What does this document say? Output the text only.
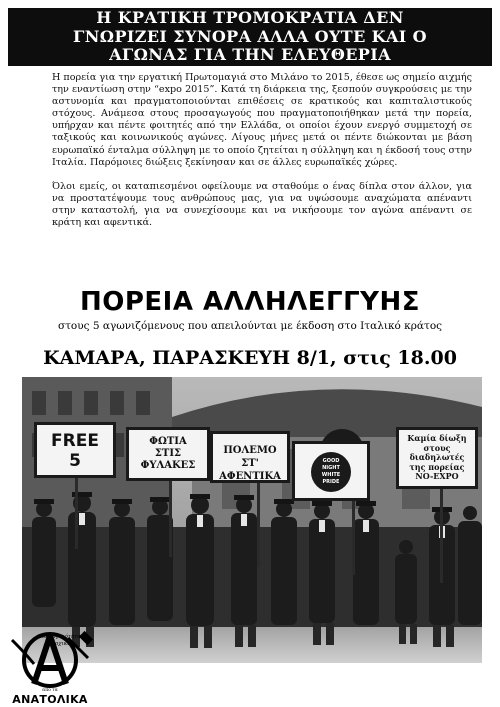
Η ΚΡΑΤΙΚΗ ΤΡΟΜΟΚΡΑΤΙΑ ΔΕΝ
ΓΝΩΡΙΖΕΙ ΣΥΝΟΡΑ ΑΛΛΑ ΟΥΤΕ ΚΑΙ Ο
ΑΓΩΝΑΣ ΓΙΑ ΤΗΝ ΕΛΕΥΘΕΡΙΑ

Η πορεία για την εργατική Πρωτομαγιά στο Μιλάνο το 2015, έθεσε ως σημείο αιχμής την εναντίωση στην “expo 2015”. Κατά τη διάρκεια της, ξεσπούν συγκρούσεις με την αστυνομία και πραγματοποιούνται επιθέσεις σε κρατικούς και καπιταλιστικούς στόχους. Ανάμεσα στους προσαγωγούς που πραγματοποιήθηκαν μετά την πορεία, υπήρχαν και πέντε φοιτητές από την Ελλάδα, οι οποίοι έχουν ενεργό συμμετοχή σε ταξικούς και κοινωνικούς αγώνες. Λίγους μήνες μετά οι πέντε διώκονται με βάση ευρωπαϊκό ένταλμα σύλληψη με το οποίο ζητείται η σύλληψη και η έκδοσή τους στην Ιταλία. Παρόμοιες διώξεις ξεκίνησαν και σε άλλες ευρωπαϊκές χώρες.

Όλοι εμείς, οι καταπιεσμένοι οφείλουμε να σταθούμε ο ένας δίπλα στον άλλον, για να προστατέψουμε τους ανθρώπους μας, για να υψώσουμε αναχώματα απέναντι στην καταστολή, για να συνεχίσουμε και να νικήσουμε τον αγώνα απέναντι σε κράτη και αφεντικά.

ΠΟΡΕΙΑ ΑΛΛΗΛΕΓΓΥΗΣ
στους 5 αγωνιζόμενους που απειλούνται με έκδοση στο Ιταλικό κράτος
ΚΑΜΑΡΑ, ΠΑΡΑΣΚΕΥΗ 8/1, στις 18.00
FREE
5
ΦΩΤΙΑ
ΣΤΙΣ
ΦΥΛΑΚΕΣ
ΠΟΛΕΜΟ
ΣΤ' ΑΦΕΝΤΙΚΑ
GOOD NIGHT WHITE PRIDE
Καμία δίωξη
στους
διαδηλωτές
της πορείας
NO-EXPO
Συλλογικότητα
Αναρχικών
από τα
ΑΝΑΤΟΛΙΚΑ
